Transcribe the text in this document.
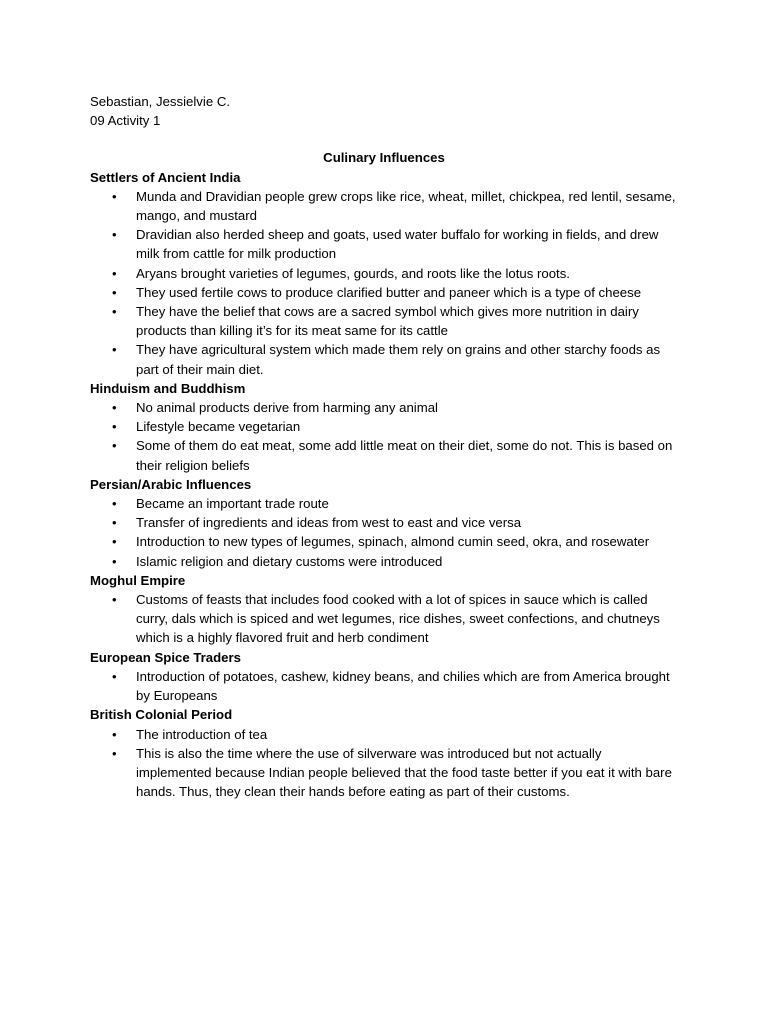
Sebastian, Jessielvie C.
09 Activity 1
Culinary Influences
Settlers of Ancient India
• Munda and Dravidian people grew crops like rice, wheat, millet, chickpea, red lentil, sesame, mango, and mustard
• Dravidian also herded sheep and goats, used water buffalo for working in fields, and drew milk from cattle for milk production
• Aryans brought varieties of legumes, gourds, and roots like the lotus roots.
• They used fertile cows to produce clarified butter and paneer which is a type of cheese
• They have the belief that cows are a sacred symbol which gives more nutrition in dairy products than killing it’s for its meat same for its cattle
• They have agricultural system which made them rely on grains and other starchy foods as part of their main diet.
Hinduism and Buddhism
• No animal products derive from harming any animal
• Lifestyle became vegetarian
• Some of them do eat meat, some add little meat on their diet, some do not. This is based on their religion beliefs
Persian/Arabic Influences
• Became an important trade route
• Transfer of ingredients and ideas from west to east and vice versa
• Introduction to new types of legumes, spinach, almond cumin seed, okra, and rosewater
• Islamic religion and dietary customs were introduced
Moghul Empire
• Customs of feasts that includes food cooked with a lot of spices in sauce which is called curry, dals which is spiced and wet legumes, rice dishes, sweet confections, and chutneys which is a highly flavored fruit and herb condiment
European Spice Traders
• Introduction of potatoes, cashew, kidney beans, and chilies which are from America brought by Europeans
British Colonial Period
• The introduction of tea
• This is also the time where the use of silverware was introduced but not actually implemented because Indian people believed that the food taste better if you eat it with bare hands. Thus, they clean their hands before eating as part of their customs.
